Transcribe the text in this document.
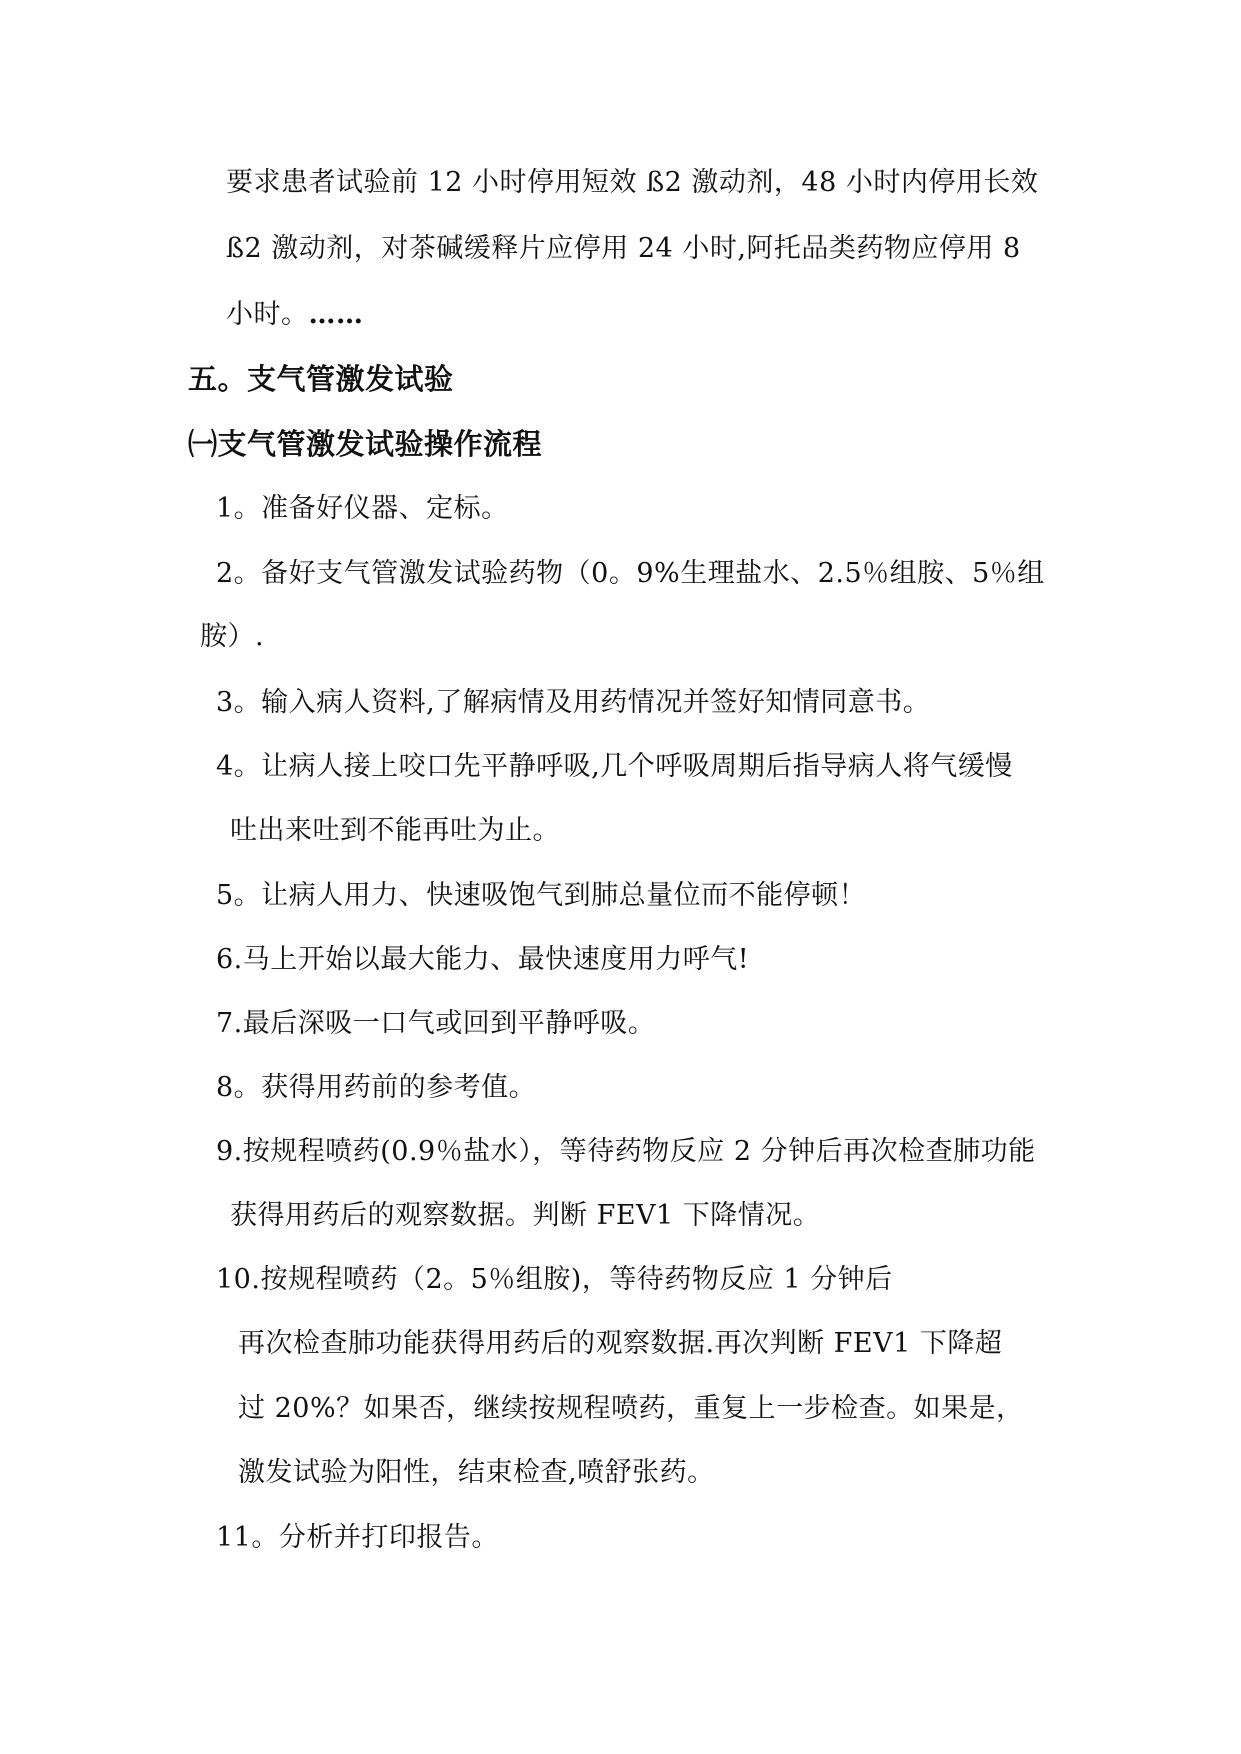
要求患者试验前 12 小时停用短效 ß2 激动剂，48 小时内停用长效
ß2 激动剂，对茶碱缓释片应停用 24 小时,阿托品类药物应停用 8
小时。……
五。支气管激发试验
㈠支气管激发试验操作流程
1。准备好仪器、定标。
2。备好支气管激发试验药物（0。9%生理盐水、2.5％组胺、5％组
胺）.
3。输入病人资料,了解病情及用药情况并签好知情同意书。
4。让病人接上咬口先平静呼吸,几个呼吸周期后指导病人将气缓慢
吐出来吐到不能再吐为止。
5。让病人用力、快速吸饱气到肺总量位而不能停顿！
6.马上开始以最大能力、最快速度用力呼气!
7.最后深吸一口气或回到平静呼吸。
8。获得用药前的参考值。
9.按规程喷药(0.9％盐水），等待药物反应 2 分钟后再次检查肺功能
获得用药后的观察数据。判断 FEV1 下降情况。
10.按规程喷药（2。5％组胺)，等待药物反应 1 分钟后
再次检查肺功能获得用药后的观察数据.再次判断 FEV1 下降超
过 20%？如果否，继续按规程喷药，重复上一步检查。如果是，
激发试验为阳性，结束检查,喷舒张药。
11。分析并打印报告。
